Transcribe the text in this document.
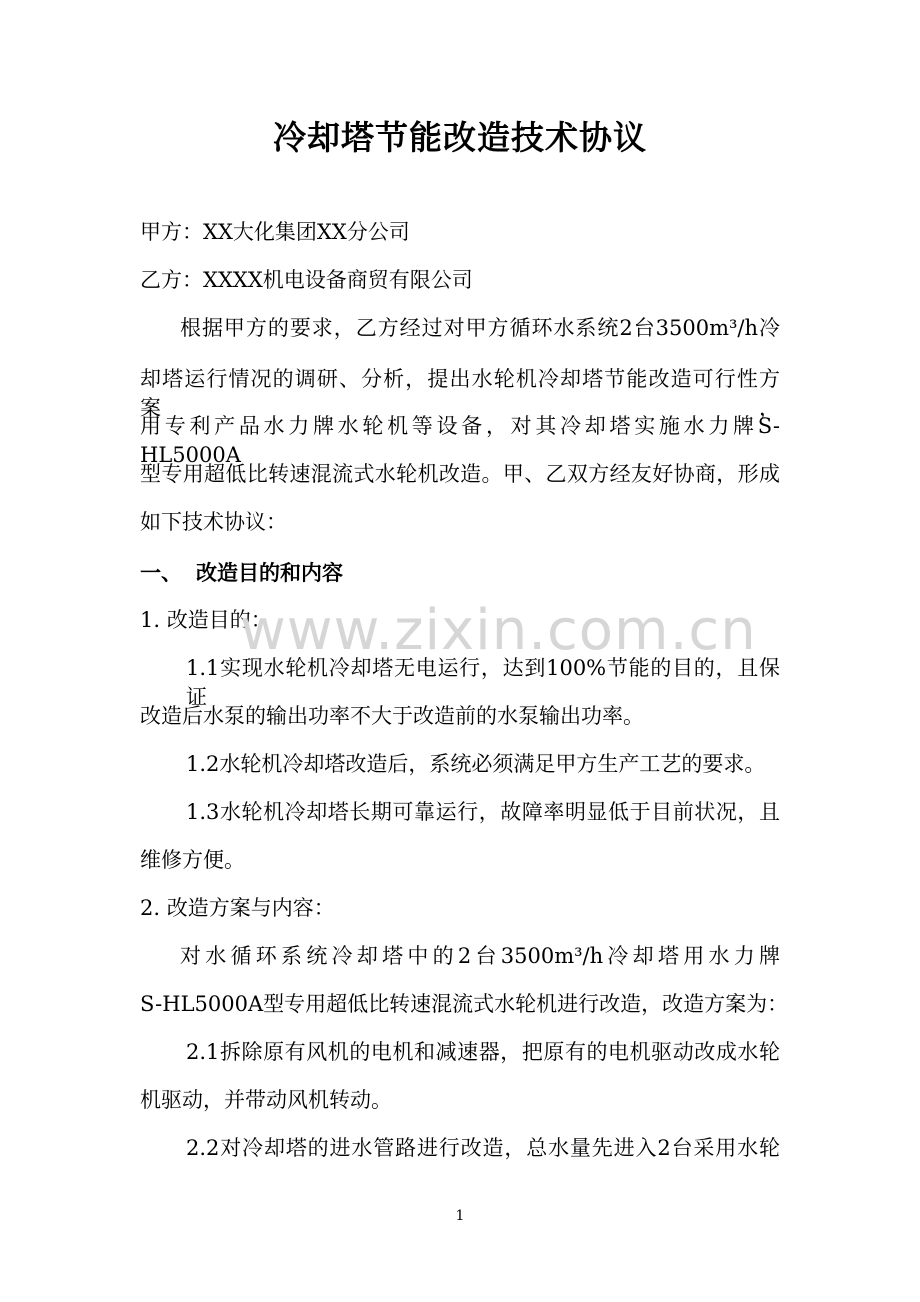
冷却塔节能改造技术协议
甲方：XX大化集团XX分公司
乙方：XXXX机电设备商贸有限公司
根据甲方的要求，乙方经过对甲方循环水系统2台3500m³/h冷
却塔运行情况的调研、分析，提出水轮机冷却塔节能改造可行性方案，
用专利产品水力牌水轮机等设备，对其冷却塔实施水力牌S-HL5000A
型专用超低比转速混流式水轮机改造。甲、乙双方经友好协商，形成
如下技术协议：
一、 改造目的和内容
1. 改造目的：
1.1实现水轮机冷却塔无电运行，达到100%节能的目的，且保证
改造后水泵的输出功率不大于改造前的水泵输出功率。
1.2水轮机冷却塔改造后，系统必须满足甲方生产工艺的要求。
1.3水轮机冷却塔长期可靠运行，故障率明显低于目前状况，且
维修方便。
2. 改造方案与内容：
对水循环系统冷却塔中的2台3500m³/h冷却塔用水力牌
S-HL5000A型专用超低比转速混流式水轮机进行改造，改造方案为：
2.1拆除原有风机的电机和减速器，把原有的电机驱动改成水轮
机驱动，并带动风机转动。
2.2对冷却塔的进水管路进行改造，总水量先进入2台采用水轮
www.zixin.com.cn
1
